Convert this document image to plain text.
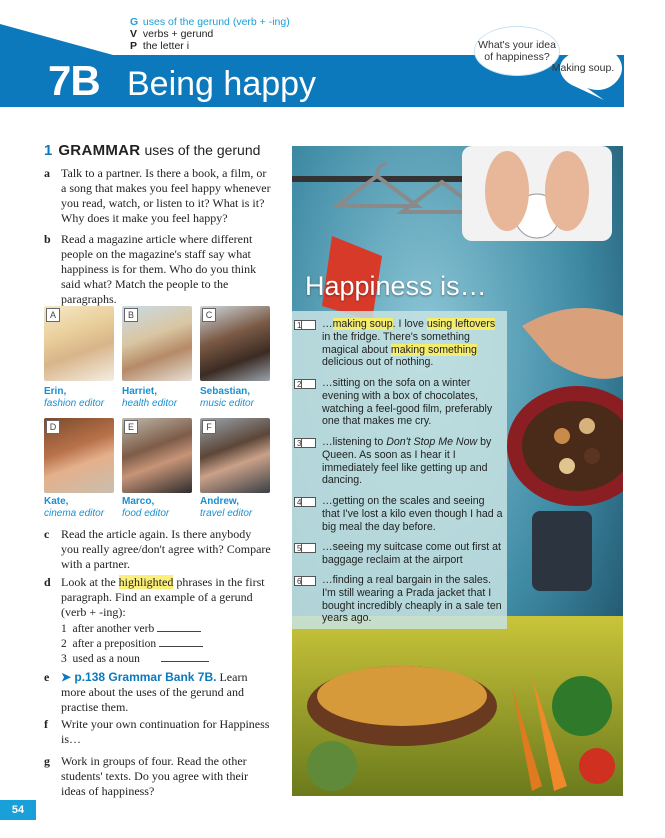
G uses of the gerund (verb + -ing)
V verbs + gerund
P the letter i
7B Being happy
What's your idea of happiness?
Making soup.
1 GRAMMAR uses of the gerund
a Talk to a partner. Is there a book, a film, or a song that makes you feel happy whenever you read, watch, or listen to it? What is it? Why does it make you feel happy?
b Read a magazine article where different people on the magazine's staff say what happiness is for them. Who do you think said what? Match the people to the paragraphs.
A	B	C
D	E	F
Erin,
fashion editor
Harriet,
health editor
Sebastian,
music editor
Kate,
cinema editor
Marco,
food editor
Andrew,
travel editor
c Read the article again. Is there anybody you really agree/don't agree with? Compare with a partner.
d Look at the highlighted phrases in the first paragraph. Find an example of a gerund (verb + -ing):
1 after another verb
2 after a preposition
3 used as a noun
e ➤ p.138 Grammar Bank 7B. Learn more about the uses of the gerund and practise them.
f Write your own continuation for Happiness is…
g Work in groups of four. Read the other students' texts. Do you agree with their ideas of happiness?
Happiness is…
1	…making soup. I love using leftovers in the fridge. There's something magical about making something delicious out of nothing.
2	…sitting on the sofa on a winter evening with a box of chocolates, watching a feel-good film, preferably one that makes me cry.
3	…listening to Don't Stop Me Now by Queen. As soon as I hear it I immediately feel like getting up and dancing.
4	…getting on the scales and seeing that I've lost a kilo even though I had a big meal the day before.
5	…seeing my suitcase come out first at baggage reclaim at the airport
6	…finding a real bargain in the sales. I'm still wearing a Prada jacket that I bought incredibly cheaply in a sale ten years ago.
54
